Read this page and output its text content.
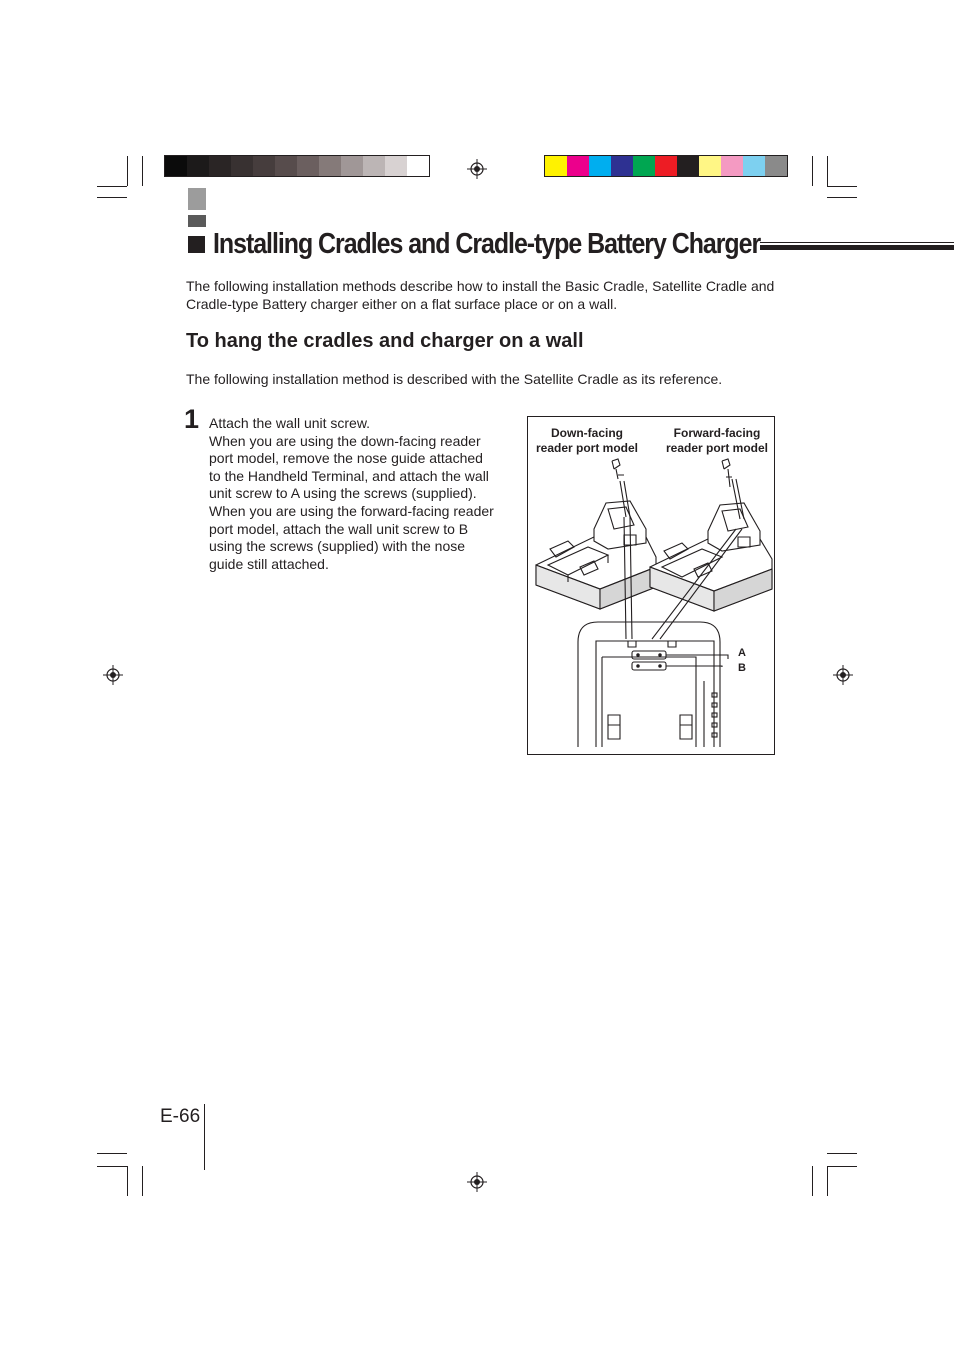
Installing Cradles and Cradle-type Battery Charger

The following installation methods describe how to install the Basic Cradle, Satellite Cradle and Cradle-type Battery charger either on a flat surface place or on a wall.

To hang the cradles and charger on a wall

The following installation method is described with the Satellite Cradle as its reference.

1 Attach the wall unit screw.
When you are using the down-facing reader
port model, remove the nose guide attached
to the Handheld Terminal, and attach the wall
unit screw to A using the screws (supplied).
When you are using the forward-facing reader
port model, attach the wall unit screw to B
using the screws (supplied) with the nose
guide still attached.
Down-facing
reader port model
Forward-facing
reader port model
A
B
E-66
